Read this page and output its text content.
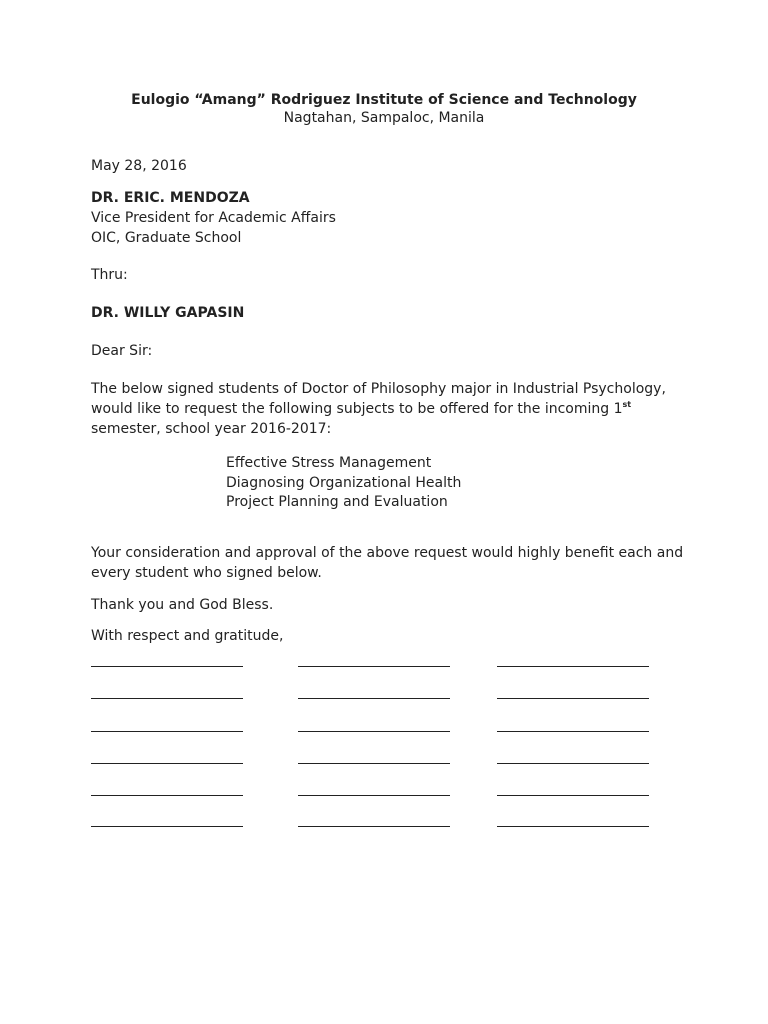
Eulogio “Amang” Rodriguez Institute of Science and Technology
Nagtahan, Sampaloc, Manila
May 28, 2016
DR. ERIC. MENDOZA
Vice President for Academic Affairs
OIC, Graduate School
Thru:
DR. WILLY GAPASIN
Dear Sir:
The below signed students of Doctor of Philosophy major in Industrial Psychology,
would like to request the following subjects to be offered for the incoming 1st
semester, school year 2016-2017:
Effective Stress Management
Diagnosing Organizational Health
Project Planning and Evaluation
Your consideration and approval of the above request would highly benefit each and
every student who signed below.
Thank you and God Bless.
With respect and gratitude,
